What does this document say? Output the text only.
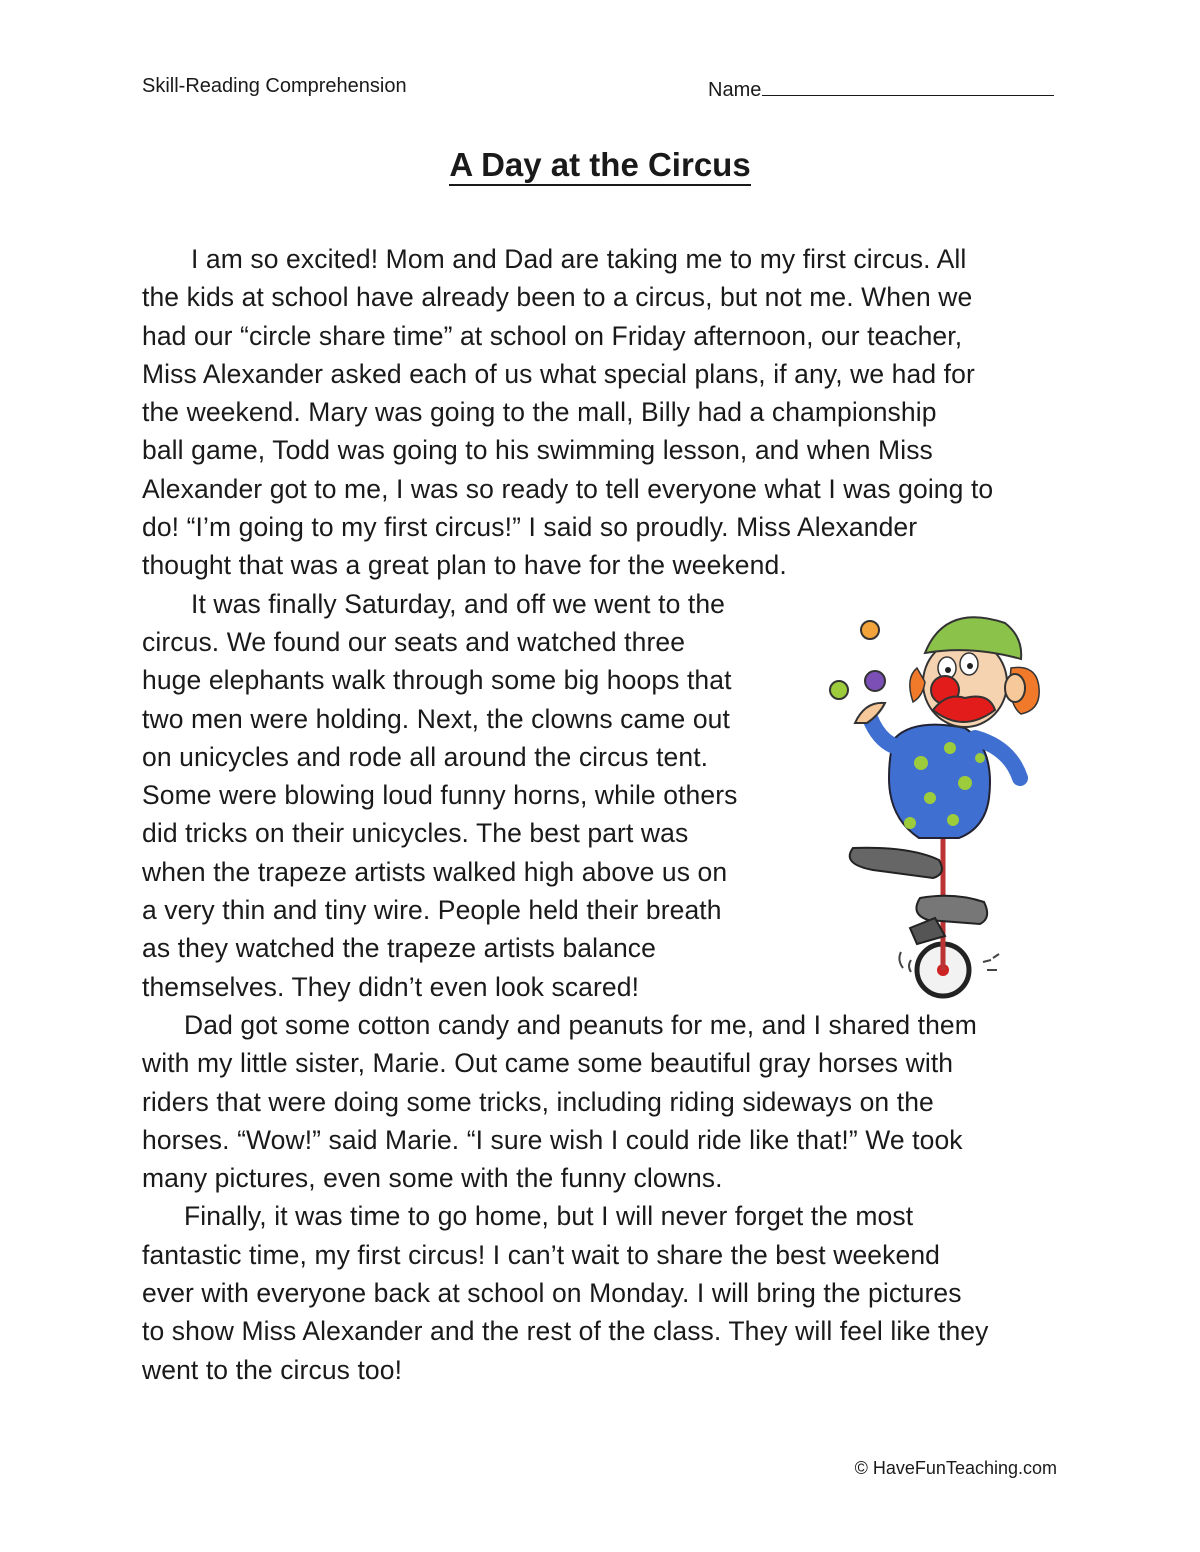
Skill-Reading Comprehension	Name
A Day at the Circus
I am so excited! Mom and Dad are taking me to my first circus. All
the kids at school have already been to a circus, but not me. When we
had our “circle share time” at school on Friday afternoon, our teacher,
Miss Alexander asked each of us what special plans, if any, we had for
the weekend. Mary was going to the mall, Billy had a championship
ball game, Todd was going to his swimming lesson, and when Miss
Alexander got to me, I was so ready to tell everyone what I was going to
do! “I’m going to my first circus!” I said so proudly. Miss Alexander
thought that was a great plan to have for the weekend.
It was finally Saturday, and off we went to the
circus. We found our seats and watched three
huge elephants walk through some big hoops that
two men were holding. Next, the clowns came out
on unicycles and rode all around the circus tent.
Some were blowing loud funny horns, while others
did tricks on their unicycles. The best part was
when the trapeze artists walked high above us on
a very thin and tiny wire. People held their breath
as they watched the trapeze artists balance
themselves. They didn’t even look scared!
Dad got some cotton candy and peanuts for me, and I shared them
with my little sister, Marie. Out came some beautiful gray horses with
riders that were doing some tricks, including riding sideways on the
horses. “Wow!” said Marie. “I sure wish I could ride like that!” We took
many pictures, even some with the funny clowns.
Finally, it was time to go home, but I will never forget the most
fantastic time, my first circus! I can’t wait to share the best weekend
ever with everyone back at school on Monday. I will bring the pictures
to show Miss Alexander and the rest of the class. They will feel like they
went to the circus too!
© HaveFunTeaching.com
